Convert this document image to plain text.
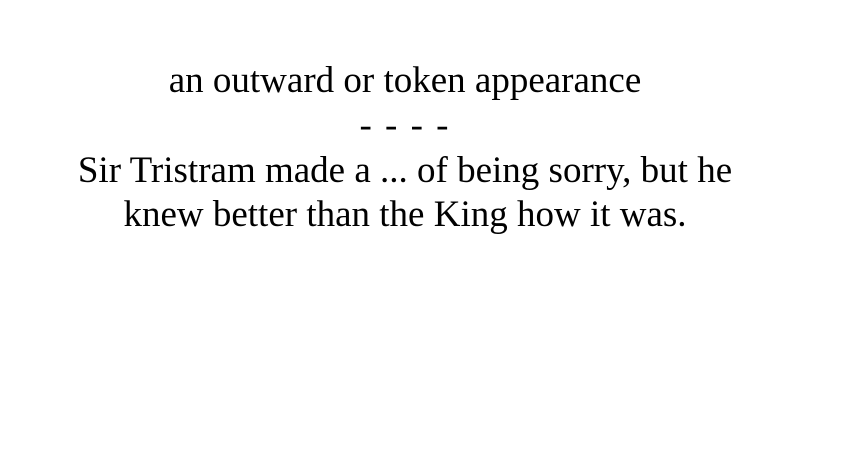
an outward or token appearance
- - - -
Sir Tristram made a ... of being sorry, but he
knew better than the King how it was.
